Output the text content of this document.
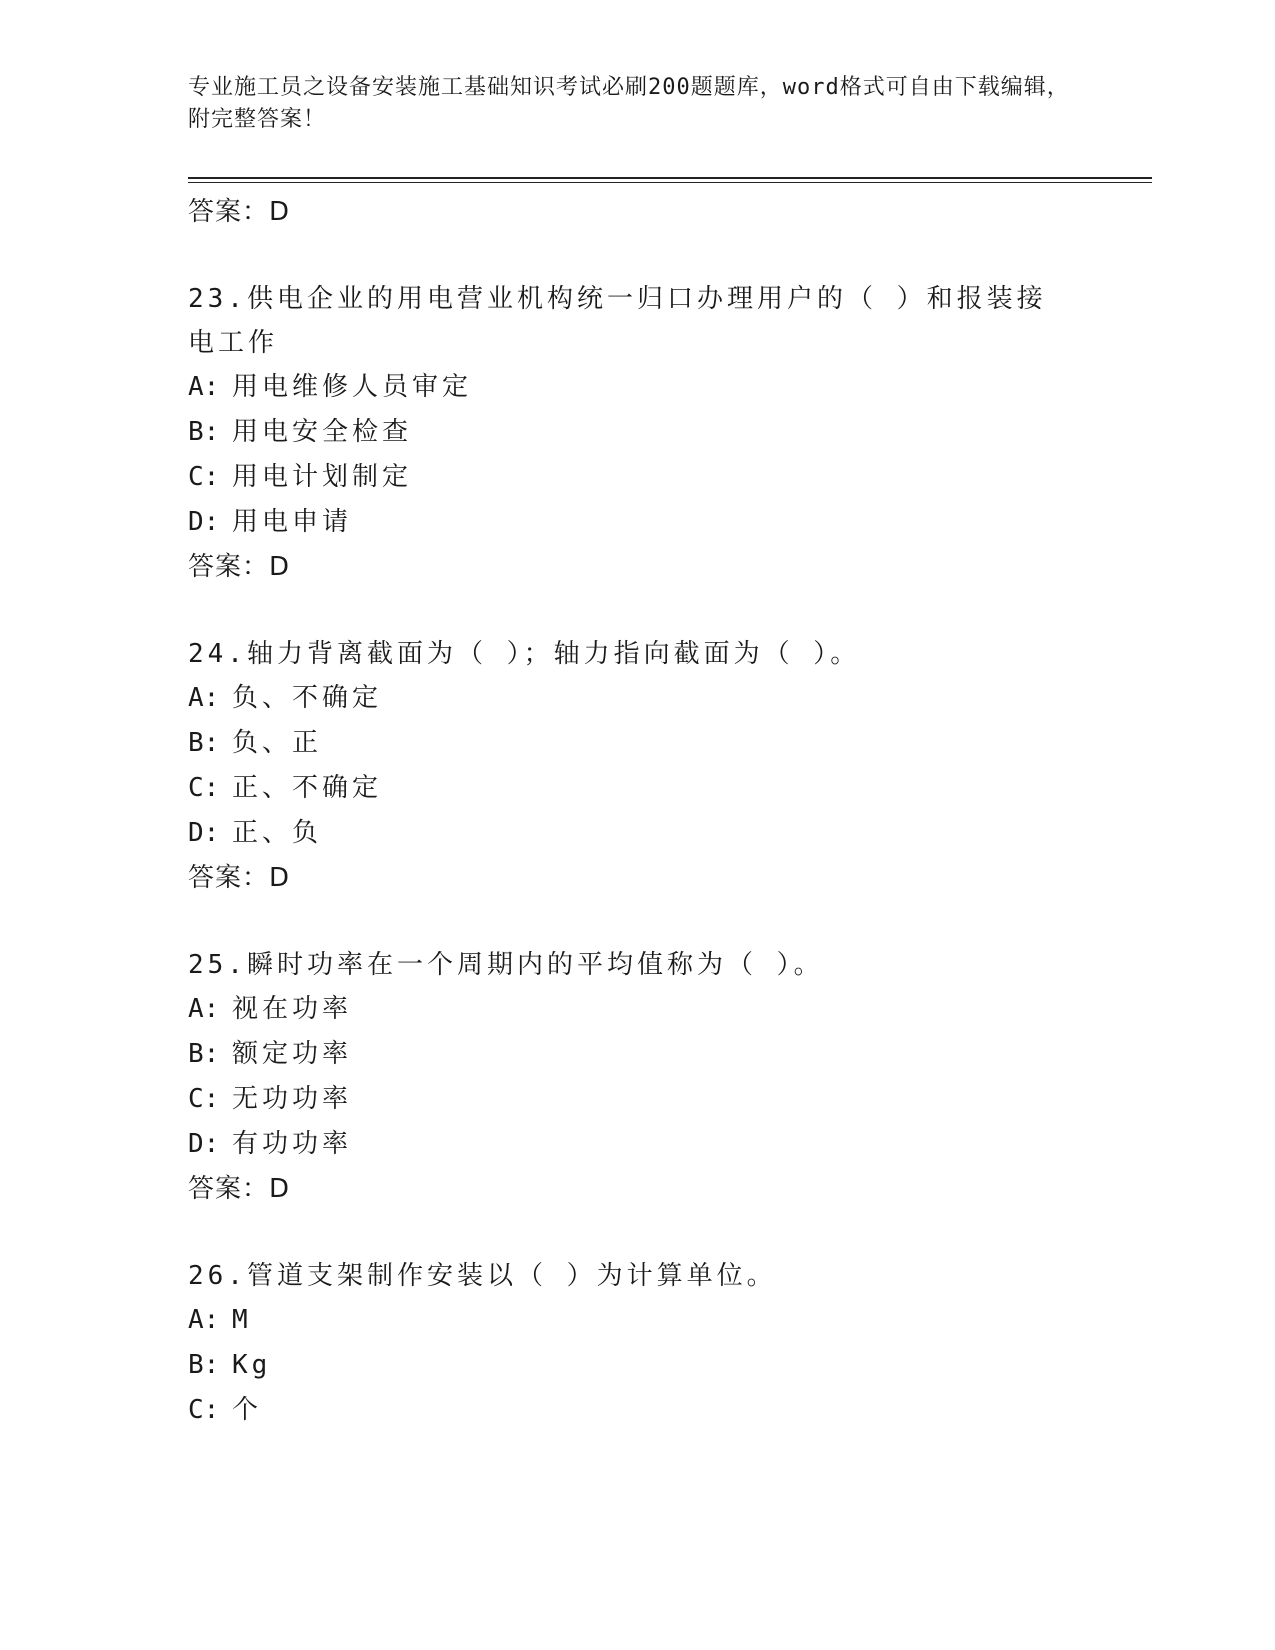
专业施工员之设备安装施工基础知识考试必刷200题题库，word格式可自由下载编辑，附完整答案！
答案：D
23.供电企业的用电营业机构统一归口办理用户的（ ）和报装接电工作
A: 用电维修人员审定
B: 用电安全检查
C: 用电计划制定
D: 用电申请
答案：D
24.轴力背离截面为（ ）；轴力指向截面为（ ）。
A: 负、不确定
B: 负、正
C: 正、不确定
D: 正、负
答案：D
25.瞬时功率在一个周期内的平均值称为（ ）。
A: 视在功率
B: 额定功率
C: 无功功率
D: 有功功率
答案：D
26.管道支架制作安装以（ ）为计算单位。
A: M
B: Kg
C: 个
